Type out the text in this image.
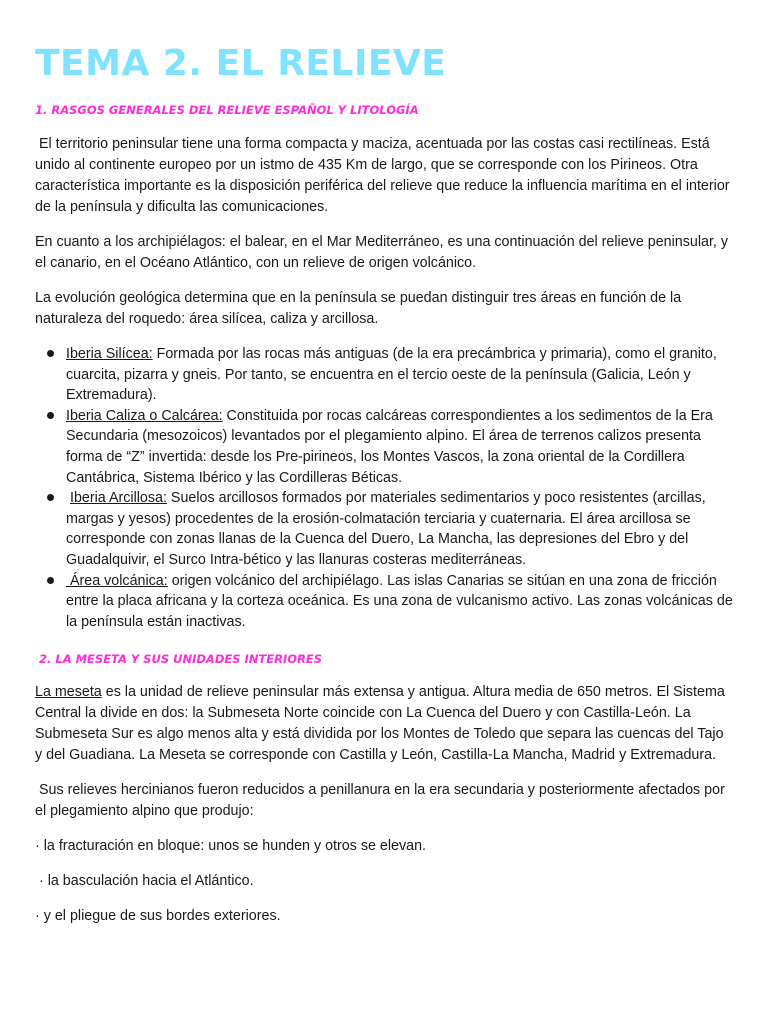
TEMA 2. EL RELIEVE
1. RASGOS GENERALES DEL RELIEVE ESPAÑOL Y LITOLOGÍA

El territorio peninsular tiene una forma compacta y maciza, acentuada por las costas casi rectilíneas. Está unido al continente europeo por un istmo de 435 Km de largo, que se corresponde con los Pirineos. Otra característica importante es la disposición periférica del relieve que reduce la influencia marítima en el interior de la península y dificulta las comunicaciones.

En cuanto a los archipiélagos: el balear, en el Mar Mediterráneo, es una continuación del relieve peninsular, y el canario, en el Océano Atlántico, con un relieve de origen volcánico.

La evolución geológica determina que en la península se puedan distinguir tres áreas en función de la naturaleza del roquedo: área silícea, caliza y arcillosa.

Iberia Silícea: Formada por las rocas más antiguas (de la era precámbrica y primaria), como el granito, cuarcita, pizarra y gneis. Por tanto, se encuentra en el tercio oeste de la península (Galicia, León y Extremadura).
Iberia Caliza o Calcárea: Constituida por rocas calcáreas correspondientes a los sedimentos de la Era Secundaria (mesozoicos) levantados por el plegamiento alpino. El área de terrenos calizos presenta forma de “Z” invertida: desde los Pre-pirineos, los Montes Vascos, la zona oriental de la Cordillera Cantábrica, Sistema Ibérico y las Cordilleras Béticas.
Iberia Arcillosa: Suelos arcillosos formados por materiales sedimentarios y poco resistentes (arcillas, margas y yesos) procedentes de la erosión-colmatación terciaria y cuaternaria. El área arcillosa se corresponde con zonas llanas de la Cuenca del Duero, La Mancha, las depresiones del Ebro y del Guadalquivir, el Surco Intra-bético y las llanuras costeras mediterráneas.
Área volcánica: origen volcánico del archipiélago. Las islas Canarias se sitúan en una zona de fricción entre la placa africana y la corteza oceánica. Es una zona de vulcanismo activo. Las zonas volcánicas de la península están inactivas.
2. LA MESETA Y SUS UNIDADES INTERIORES

La meseta es la unidad de relieve peninsular más extensa y antigua. Altura media de 650 metros. El Sistema Central la divide en dos: la Submeseta Norte coincide con La Cuenca del Duero y con Castilla-León. La Submeseta Sur es algo menos alta y está dividida por los Montes de Toledo que separa las cuencas del Tajo y del Guadiana. La Meseta se corresponde con Castilla y León, Castilla-La Mancha, Madrid y Extremadura.

Sus relieves hercinianos fueron reducidos a penillanura en la era secundaria y posteriormente afectados por el plegamiento alpino que produjo:

· la fracturación en bloque: unos se hunden y otros se elevan.

· la basculación hacia el Atlántico.

· y el pliegue de sus bordes exteriores.
